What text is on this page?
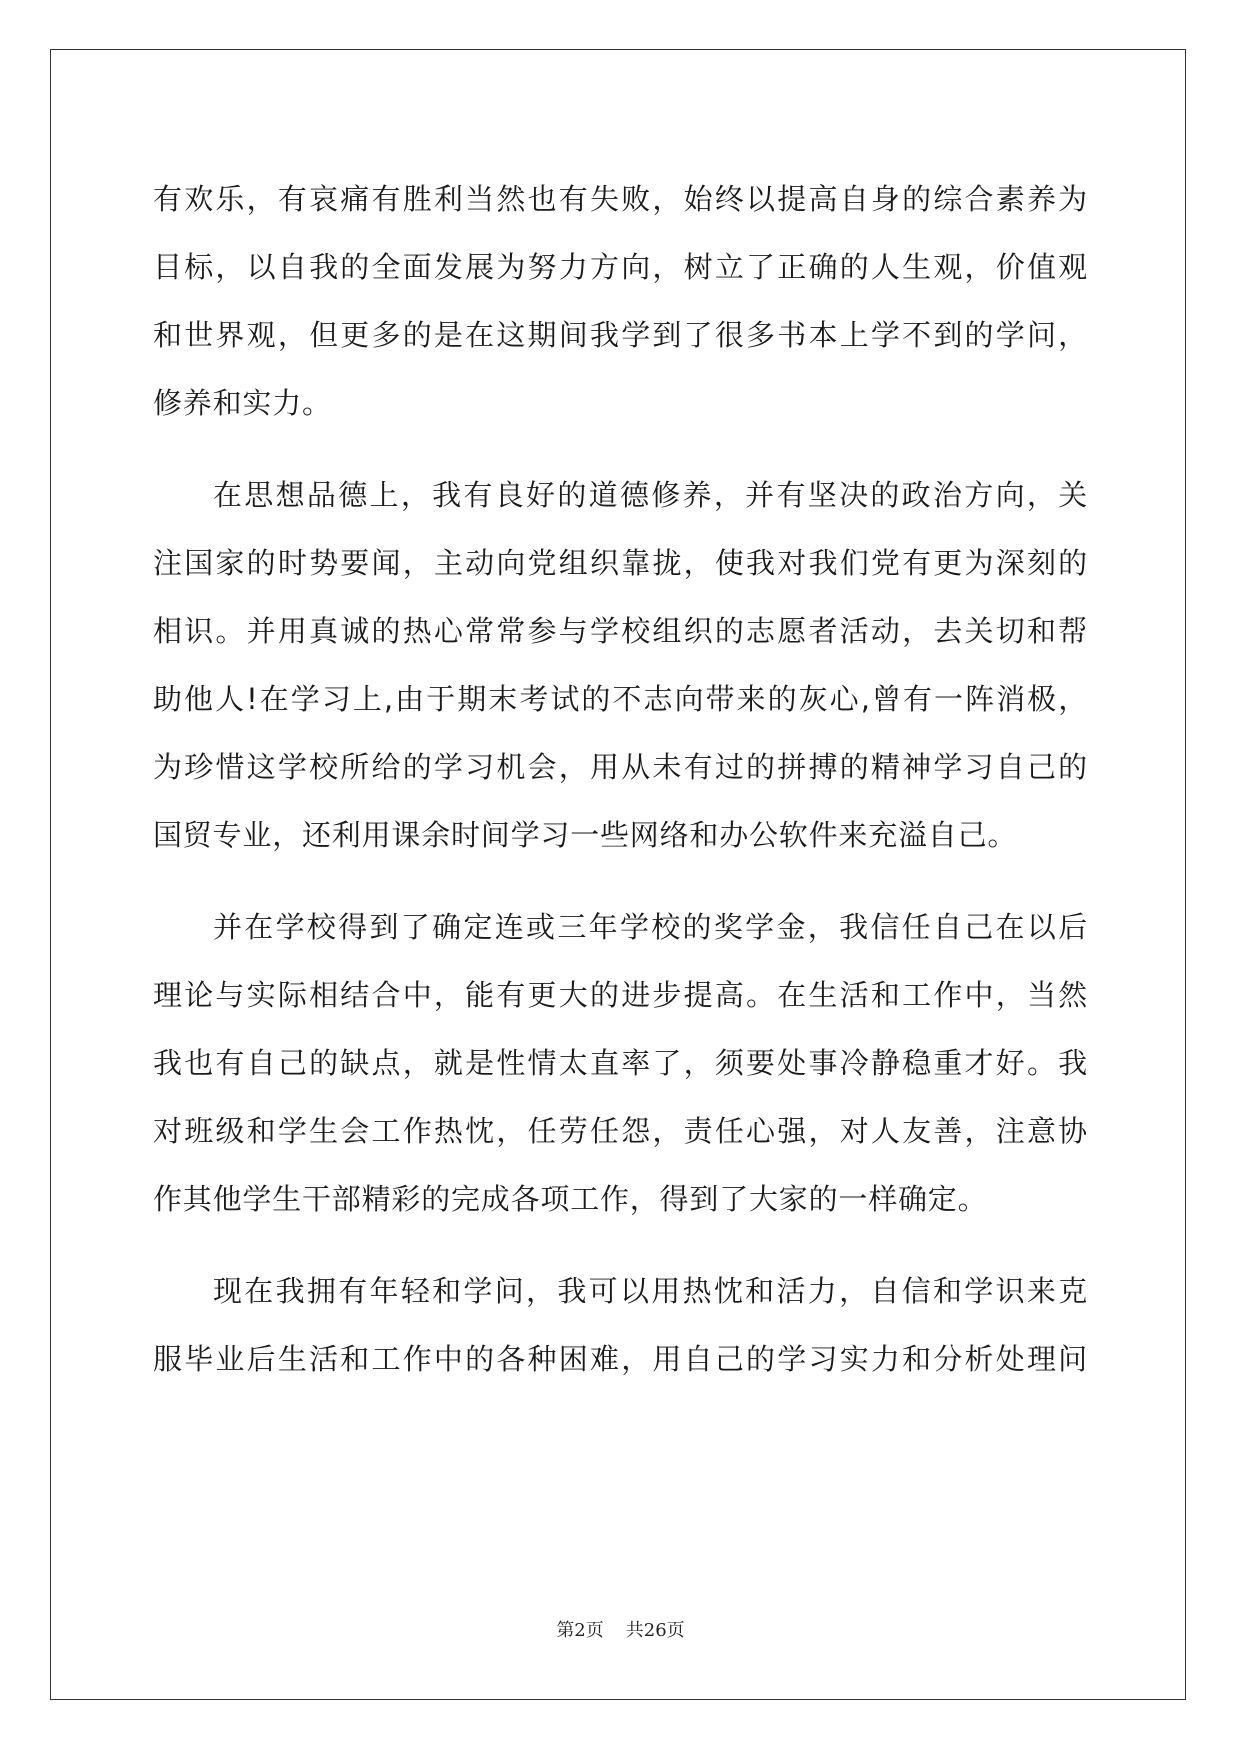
有欢乐，有哀痛有胜利当然也有失败，始终以提高自身的综合素养为
目标，以自我的全面发展为努力方向，树立了正确的人生观，价值观
和世界观，但更多的是在这期间我学到了很多书本上学不到的学问，
修养和实力。
在思想品德上，我有良好的道德修养，并有坚决的政治方向，关
注国家的时势要闻，主动向党组织靠拢，使我对我们党有更为深刻的
相识。并用真诚的热心常常参与学校组织的志愿者活动，去关切和帮
助他人!在学习上,由于期末考试的不志向带来的灰心,曾有一阵消极，
为珍惜这学校所给的学习机会，用从未有过的拼搏的精神学习自己的
国贸专业，还利用课余时间学习一些网络和办公软件来充溢自己。
并在学校得到了确定连或三年学校的奖学金，我信任自己在以后
理论与实际相结合中，能有更大的进步提高。在生活和工作中，当然
我也有自己的缺点，就是性情太直率了，须要处事冷静稳重才好。我
对班级和学生会工作热忱，任劳任怨，责任心强，对人友善，注意协
作其他学生干部精彩的完成各项工作，得到了大家的一样确定。
现在我拥有年轻和学问，我可以用热忱和活力，自信和学识来克
服毕业后生活和工作中的各种困难，用自己的学习实力和分析处理问
第2页 共26页
